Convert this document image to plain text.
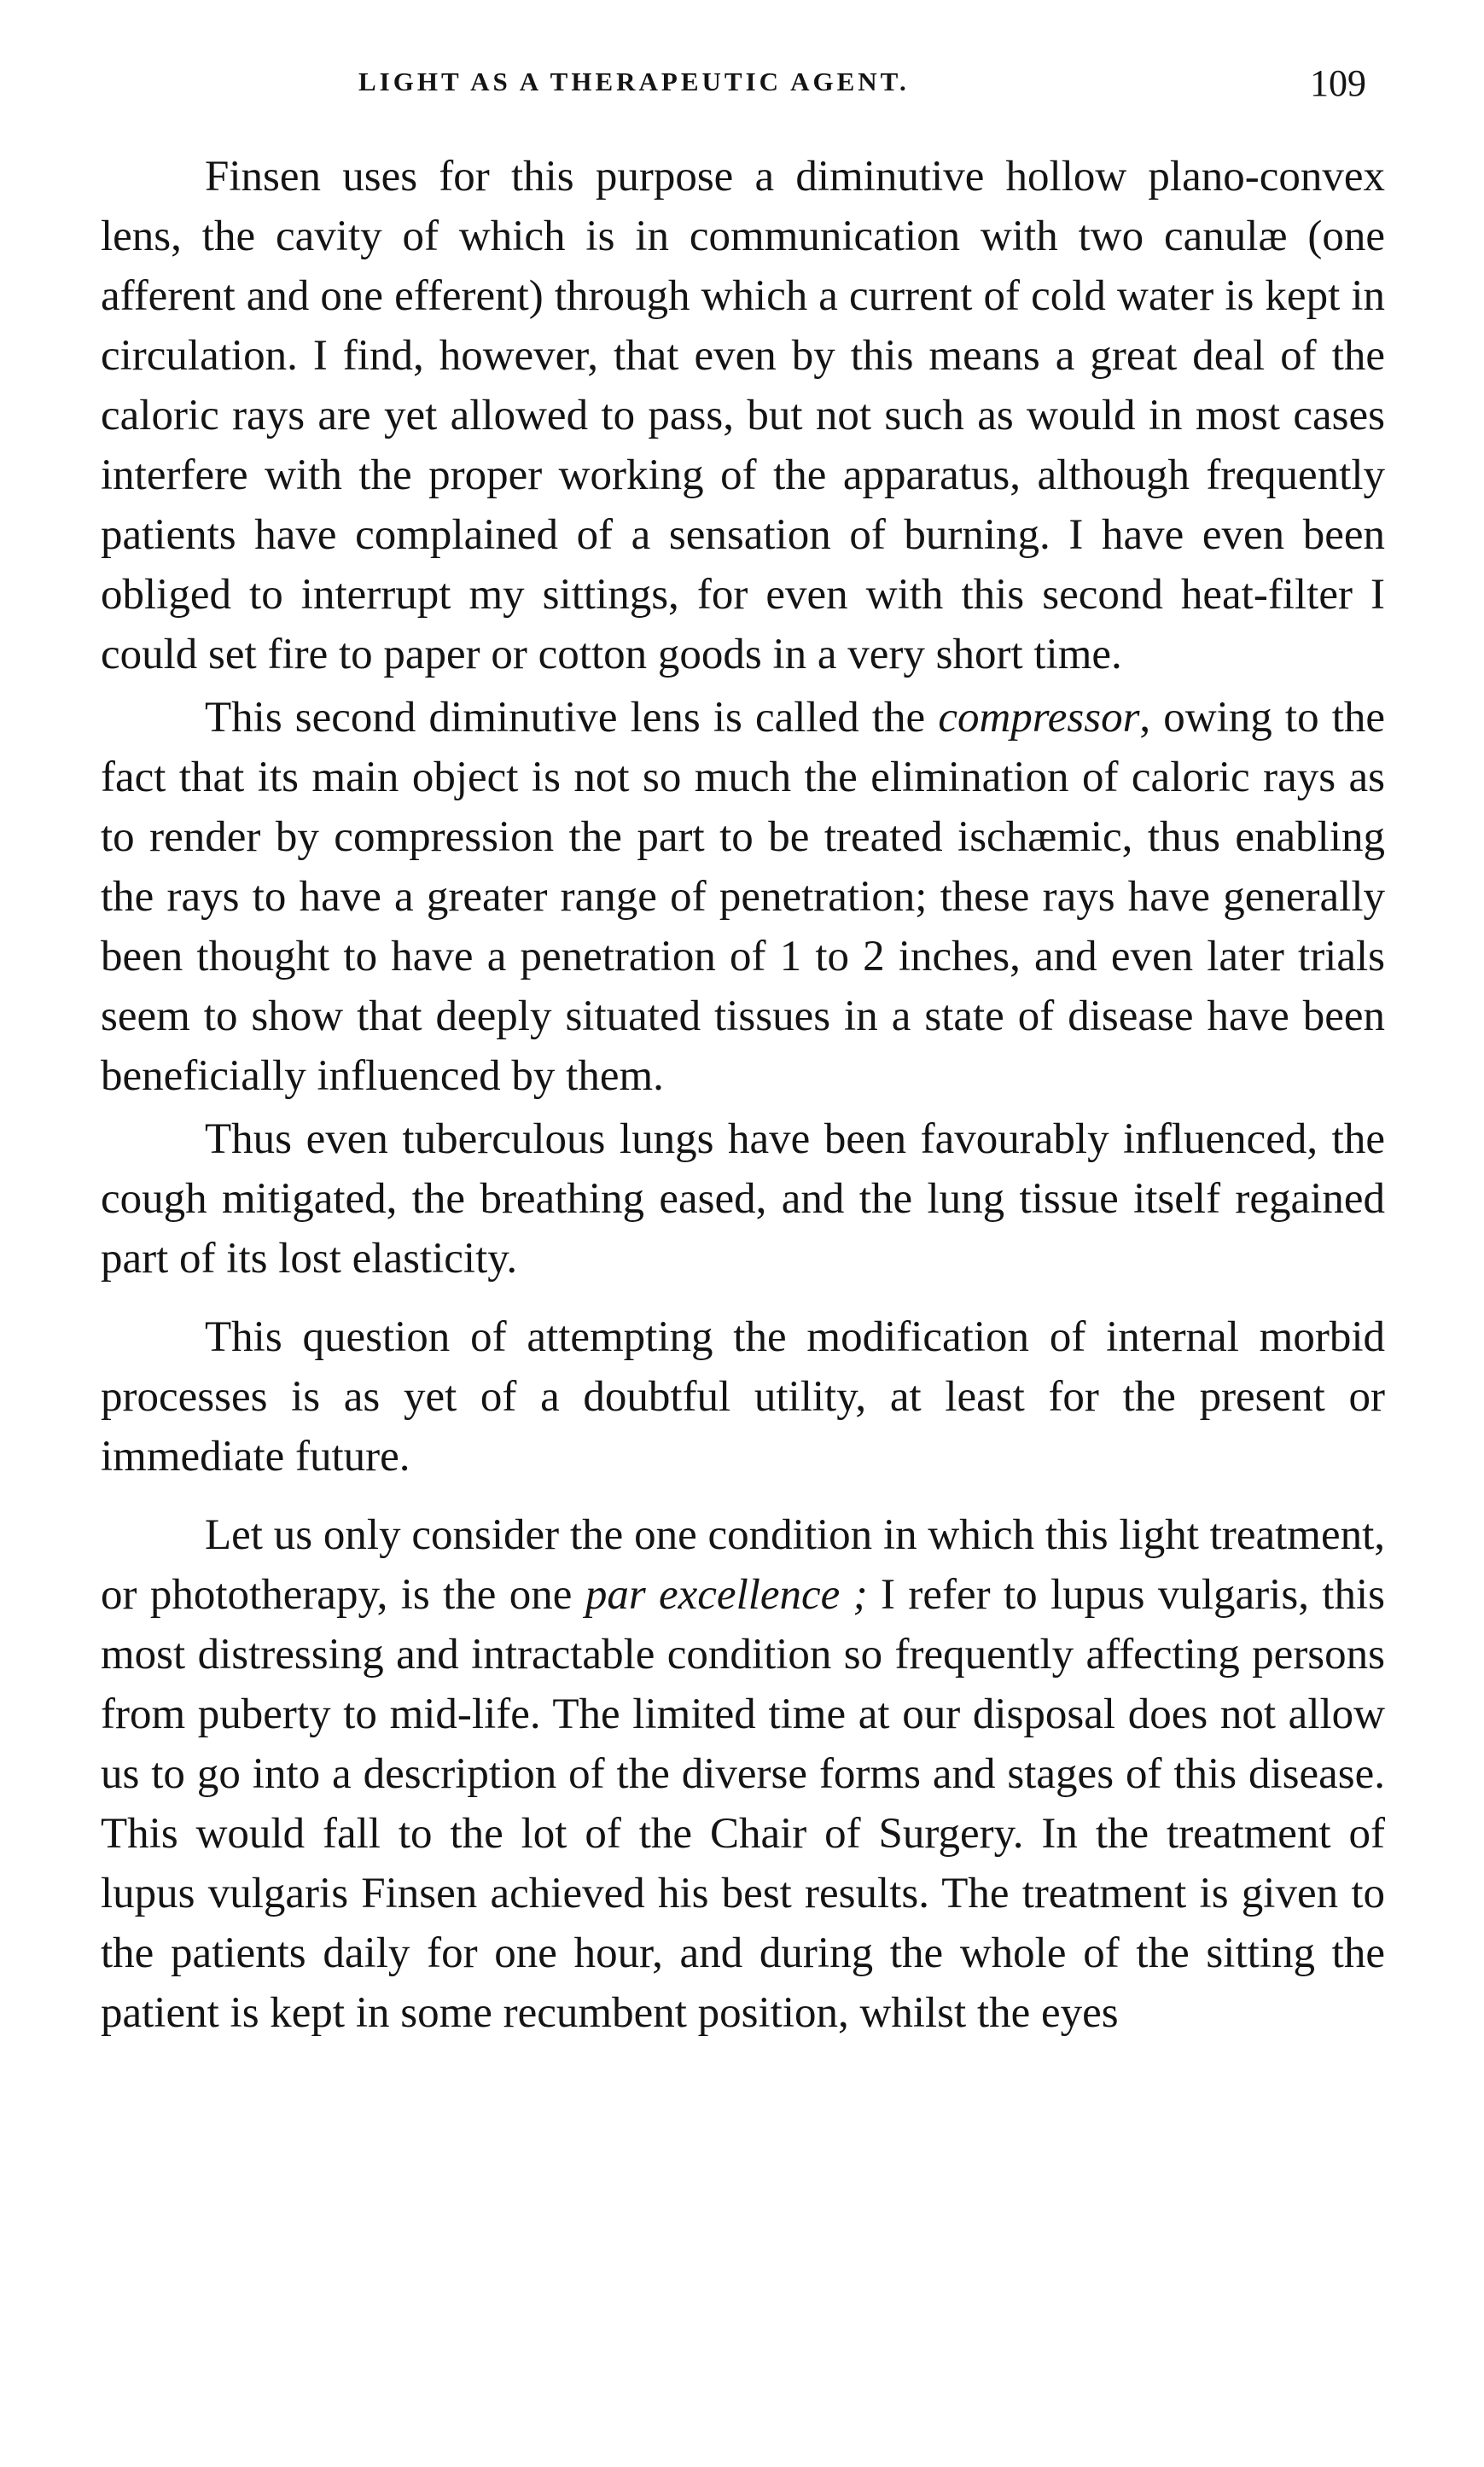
LIGHT AS A THERAPEUTIC AGENT.	109

Finsen uses for this purpose a diminutive hollow plano-convex lens, the cavity of which is in communication with two canulæ (one afferent and one efferent) through which a current of cold water is kept in circulation. I find, however, that even by this means a great deal of the caloric rays are yet allowed to pass, but not such as would in most cases interfere with the proper working of the apparatus, although frequently patients have complained of a sensation of burning. I have even been obliged to interrupt my sittings, for even with this second heat-filter I could set fire to paper or cotton goods in a very short time.

This second diminutive lens is called the compressor, owing to the fact that its main object is not so much the elimination of caloric rays as to render by compression the part to be treated ischæmic, thus enabling the rays to have a greater range of penetration; these rays have generally been thought to have a penetration of 1 to 2 inches, and even later trials seem to show that deeply situated tissues in a state of disease have been beneficially influenced by them.

Thus even tuberculous lungs have been favourably influenced, the cough mitigated, the breathing eased, and the lung tissue itself regained part of its lost elasticity.

This question of attempting the modification of internal morbid processes is as yet of a doubtful utility, at least for the present or immediate future.

Let us only consider the one condition in which this light treatment, or phototherapy, is the one par excellence ; I refer to lupus vulgaris, this most distressing and intractable condition so frequently affecting persons from puberty to mid-life. The limited time at our disposal does not allow us to go into a description of the diverse forms and stages of this disease. This would fall to the lot of the Chair of Surgery. In the treatment of lupus vulgaris Finsen achieved his best results. The treatment is given to the patients daily for one hour, and during the whole of the sitting the patient is kept in some recumbent position, whilst the eyes
